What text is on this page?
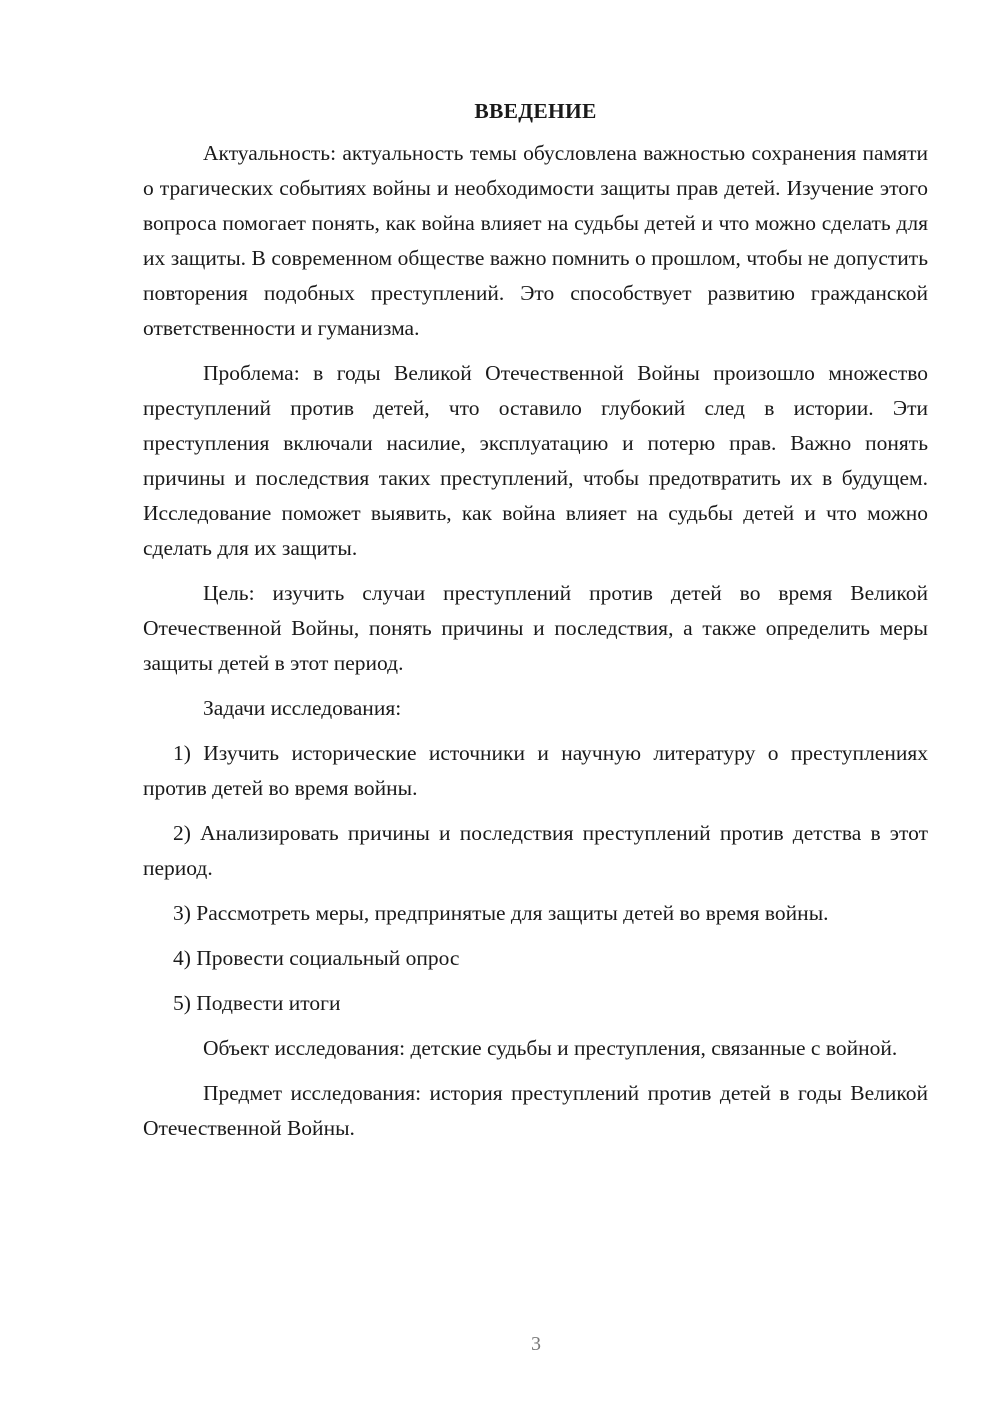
ВВЕДЕНИЕ

Актуальность: актуальность темы обусловлена важностью сохранения памяти о трагических событиях войны и необходимости защиты прав детей. Изучение этого вопроса помогает понять, как война влияет на судьбы детей и что можно сделать для их защиты. В современном обществе важно помнить о прошлом, чтобы не допустить повторения подобных преступлений. Это способствует развитию гражданской ответственности и гуманизма.

Проблема: в годы Великой Отечественной Войны произошло множество преступлений против детей, что оставило глубокий след в истории. Эти преступления включали насилие, эксплуатацию и потерю прав. Важно понять причины и последствия таких преступлений, чтобы предотвратить их в будущем. Исследование поможет выявить, как война влияет на судьбы детей и что можно сделать для их защиты.

Цель: изучить случаи преступлений против детей во время Великой Отечественной Войны, понять причины и последствия, а также определить меры защиты детей в этот период.

Задачи исследования:

1) Изучить исторические источники и научную литературу о преступлениях против детей во время войны.

2) Анализировать причины и последствия преступлений против детства в этот период.

3) Рассмотреть меры, предпринятые для защиты детей во время войны.

4) Провести социальный опрос

5) Подвести итоги

Объект исследования: детские судьбы и преступления, связанные с войной.

Предмет исследования: история преступлений против детей в годы Великой Отечественной Войны.

3
